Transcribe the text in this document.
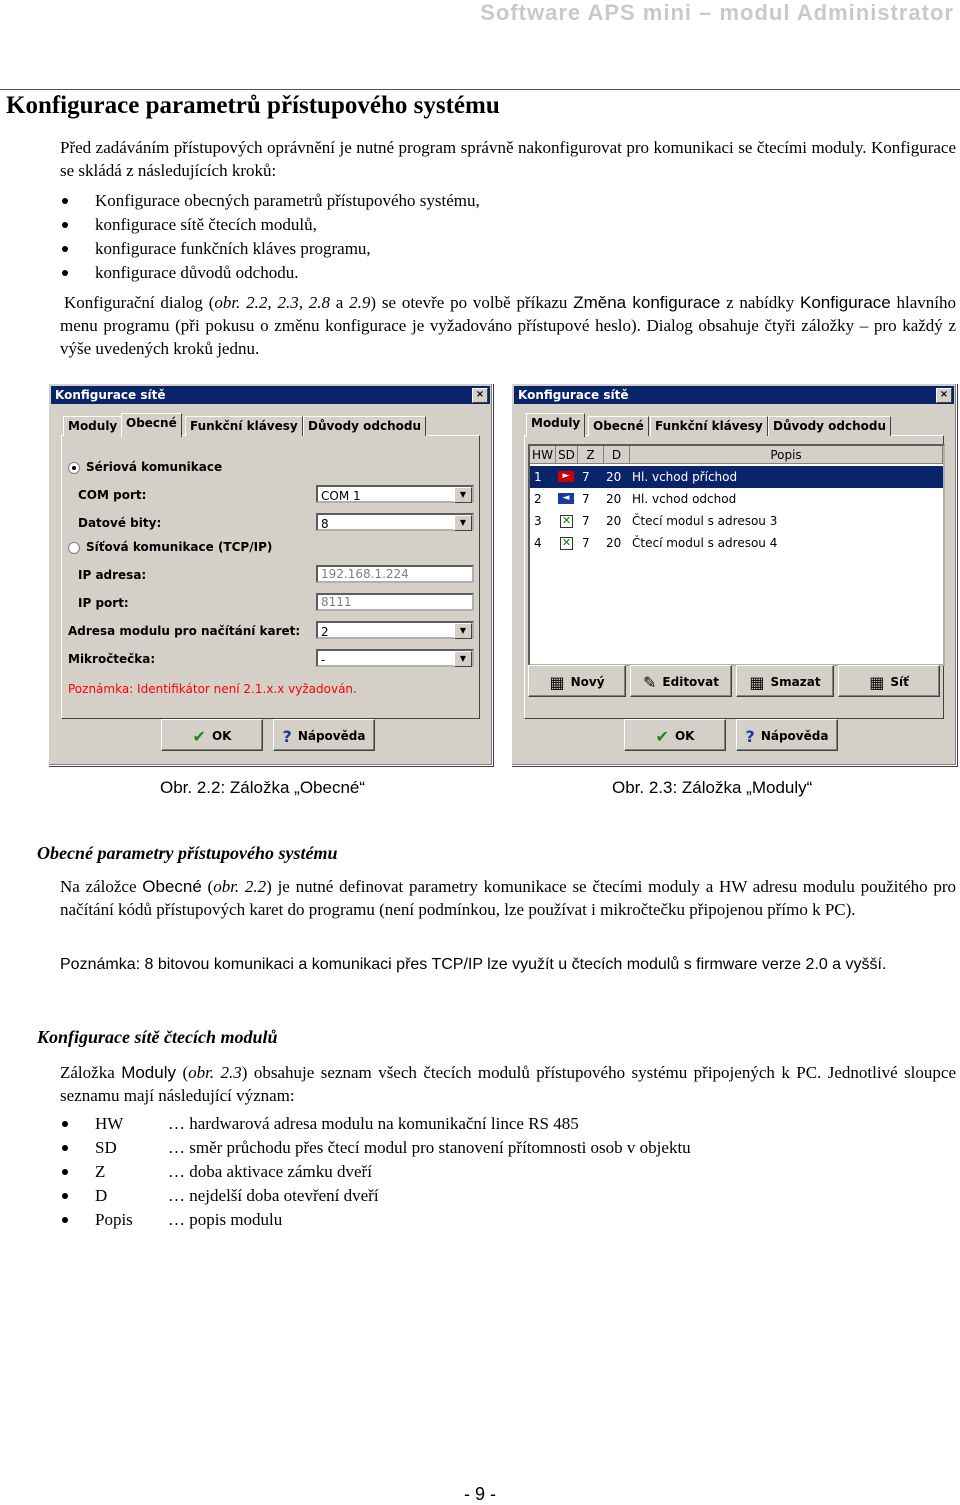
Software APS mini – modul Administrator
Konfigurace parametrů přístupového systému
Před zadáváním přístupových oprávnění je nutné program správně nakonfigurovat pro komunikaci se čtecími moduly. Konfigurace se skládá z následujících kroků:
Konfigurace obecných parametrů přístupového systému,
konfigurace sítě čtecích modulů,
konfigurace funkčních kláves programu,
konfigurace důvodů odchodu.
Konfigurační dialog (obr. 2.2, 2.3, 2.8 a 2.9) se otevře po volbě příkazu Změna konfigurace z nabídky Konfigurace hlavního menu programu (při pokusu o změnu konfigurace je vyžadováno přístupové heslo). Dialog obsahuje čtyři záložky – pro každý z výše uvedených kroků jednu.
Konfigurace sítě	×
Sériová komunikace
COM port:	COM 1	▼
Datové bity:	8	▼
Síťová komunikace (TCP/IP)
IP adresa:	192.168.1.224
IP port:	8111
Adresa modulu pro načítání karet:	2	▼
Mikročtečka:	-	▼
Poznámka: Identifikátor není 2.1.x.x vyžadován.
Moduly Obecné	Funkční klávesy Důvody odchodu
✔ OK	? Nápověda
Konfigurace sítě	×
Moduly	Obecné Funkční klávesy Důvody odchodu
HW SD Z	D	Popis
1	►	7 20 Hl. vchod příchod
2	◄	7 20 Hl. vchod odchod
3 ✕ 7 20 Čtecí modul s adresou 3
4 ✕ 7 20 Čtecí modul s adresou 4
▦ Nový	✎ Editovat	▦ Smazat	▦ Síť
✔ OK	? Nápověda
Obr. 2.2: Záložka „Obecné“	Obr. 2.3: Záložka „Moduly“
Obecné parametry přístupového systému
Na záložce Obecné (obr. 2.2) je nutné definovat parametry komunikace se čtecími moduly a HW adresu modulu použitého pro načítání kódů přístupových karet do programu (není podmínkou, lze používat i mikročtečku připojenou přímo k PC).
Poznámka: 8 bitovou komunikaci a komunikaci přes TCP/IP lze využít u čtecích modulů s firmware verze 2.0 a vyšší.
Konfigurace sítě čtecích modulů
Záložka Moduly (obr. 2.3) obsahuje seznam všech čtecích modulů přístupového systému připojených k PC. Jednotlivé sloupce seznamu mají následující význam:
HW	… hardwarová adresa modulu na komunikační lince RS 485
SD	… směr průchodu přes čtecí modul pro stanovení přítomnosti osob v objektu
Z	… doba aktivace zámku dveří
D	… nejdelší doba otevření dveří
Popis … popis modulu
- 9 -
